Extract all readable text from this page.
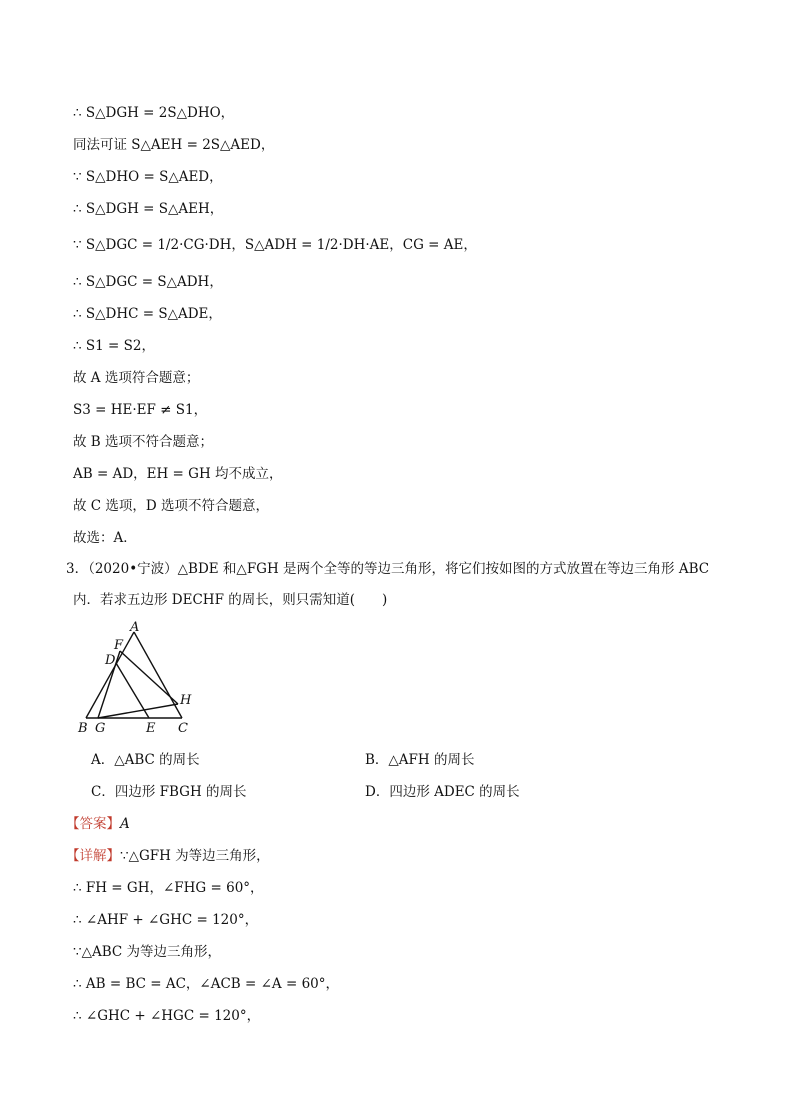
∴ S△DGH = 2S△DHO，
同法可证 S△AEH = 2S△AED，
∵ S△DHO = S△AED，
∴ S△DGH = S△AEH，
∵ S△DGC = 1/2·CG·DH，S△ADH = 1/2·DH·AE，CG = AE，
∴ S△DGC = S△ADH，
∴ S△DHC = S△ADE，
∴ S1 = S2，
故 A 选项符合题意；
S3 = HE·EF ≠ S1，
故 B 选项不符合题意；
AB = AD，EH = GH 均不成立，
故 C 选项，D 选项不符合题意，
故选：A．
3．（2020•宁波）△BDE 和△FGH 是两个全等的等边三角形，将它们按如图的方式放置在等边三角形 ABC
内．若求五边形 DECHF 的周长，则只需知道(　　)
A
F
D
H
B G	E C
A．△ABC 的周长	B．△AFH 的周长
C．四边形 FBGH 的周长	D．四边形 ADEC 的周长
【答案】A
【详解】∵△GFH 为等边三角形，
∴ FH = GH，∠FHG = 60°，
∴ ∠AHF + ∠GHC = 120°，
∵△ABC 为等边三角形，
∴ AB = BC = AC，∠ACB = ∠A = 60°，
∴ ∠GHC + ∠HGC = 120°，
